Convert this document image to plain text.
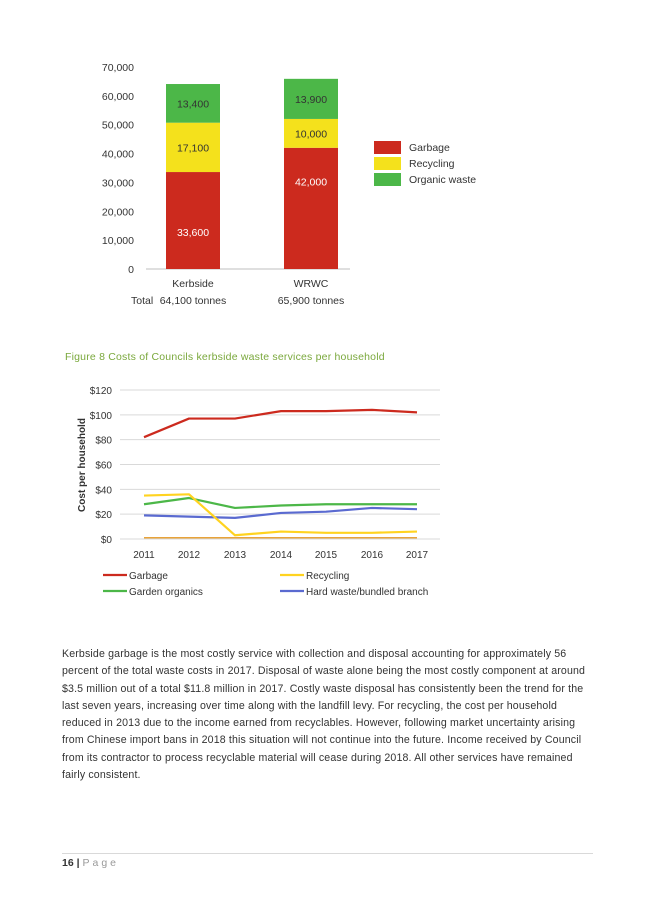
0
10,000
20,000
30,000
40,000
50,000
60,000
70,000
Kerbside
64,100 tonnes
WRWC
65,900 tonnes
Total
33,600
17,100
13,400
42,000
10,000
13,900
Garbage
Recycling
Organic waste
Figure 8 Costs of Councils kerbside waste services per household
$0
$20
$40
$60
$80
$100
$120
2011 2012 2013 2014 2015 2016 2017
Cost per household
Garbage	Recycling
Garden organics	Hard waste/bundled branch
Kerbside garbage is the most costly service with collection and disposal accounting for approximately 56 percent of the total waste costs in 2017. Disposal of waste alone being the most costly component at around $3.5 million out of a total $11.8 million in 2017. Costly waste disposal has consistently been the trend for the last seven years, increasing over time along with the landfill levy. For recycling, the cost per household reduced in 2013 due to the income earned from recyclables. However, following market uncertainty arising from Chinese import bans in 2018 this situation will not continue into the future. Income received by Council from its contractor to process recyclable material will cease during 2018. All other services have remained fairly consistent.
16 | Page
